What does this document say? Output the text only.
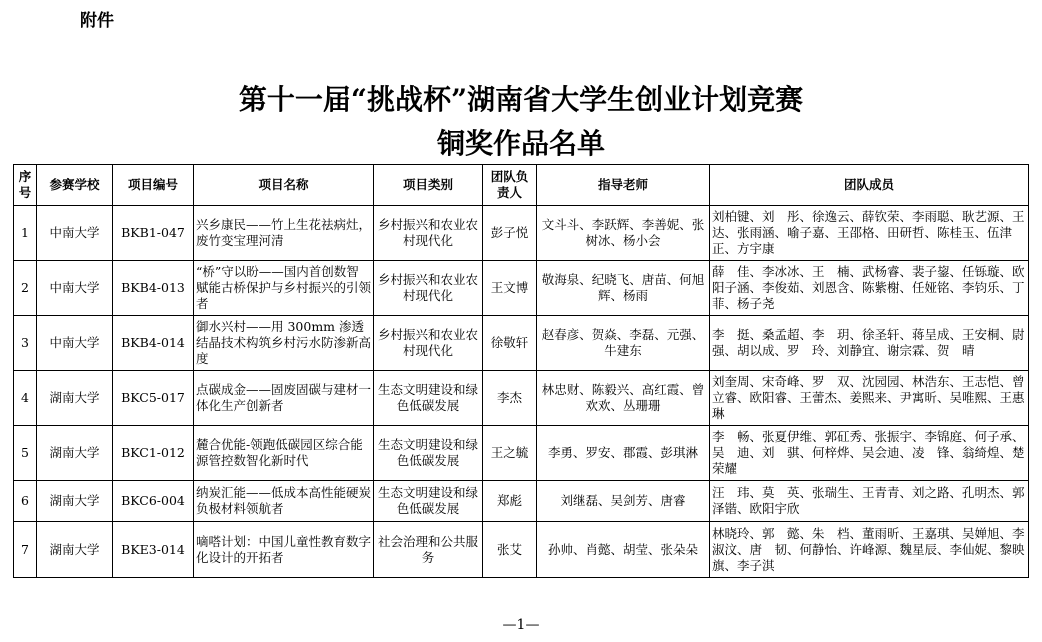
附件
第十一届“挑战杯”湖南省大学生创业计划竞赛
铜奖作品名单
序号	参赛学校	项目编号	项目名称	项目类别	团队负责人	指导老师	团队成员
1	中南大学	BKB1-047	兴乡康民——竹上生花祛病灶，废竹变宝理河清	乡村振兴和农业农村现代化	彭子悦	文斗斗、李跃辉、李善妮、张树冰、杨小会	刘柏键、刘　彤、徐逸云、薛钦荣、李雨聪、耿艺源、王　达、张雨涵、喻子嘉、王邵格、田研哲、陈桂玉、伍津正、方宇康
2	中南大学	BKB4-013	“桥”守以盼——国内首创数智赋能古桥保护与乡村振兴的引领者	乡村振兴和农业农村现代化	王文博	敬海泉、纪晓飞、唐苗、何旭辉、杨雨	薛　佳、李冰冰、王　楠、武杨睿、裴子鋆、任铄璇、欧阳子涵、李俊茹、刘恩含、陈紫榭、任娅铭、李钧乐、丁　菲、杨子尧
3	中南大学	BKB4-014	御水兴村——用 300mm 渗透结晶技术构筑乡村污水防渗新高度	乡村振兴和农业农村现代化	徐敬轩	赵春彦、贺焱、李磊、元强、牛建东	李　挺、桑孟超、李　玥、徐圣轩、蒋呈成、王安桐、尉　强、胡以成、罗　玲、刘静宜、谢宗霖、贺　晴
4	湖南大学	BKC5-017	点碳成金——固废固碳与建材一体化生产创新者	生态文明建设和绿色低碳发展	李杰	林忠财、陈毅兴、高红霞、曾欢欢、丛珊珊	刘奎周、宋奇峰、罗　双、沈园园、林浩东、王志恺、曾立睿、欧阳睿、王蕾杰、姜熙来、尹寓昕、吴唯熙、王惠琳
5	湖南大学	BKC1-012	麓合优能-领跑低碳园区综合能源管控数智化新时代	生态文明建设和绿色低碳发展	王之毓	李勇、罗安、郡霞、彭琪淋	李　畅、张夏伊维、郭矼秀、张振宇、李锦庭、何子承、吴　迪、刘　骐、何梓烨、吴会迪、凌　锋、翁绮煌、楚荣耀
6	湖南大学	BKC6-004	纳炭汇能——低成本高性能硬炭负极材料领航者	生态文明建设和绿色低碳发展	郑彪	刘继磊、吴剑芳、唐睿	汪　玮、莫　英、张瑞生、王青青、刘之路、孔明杰、郭泽锴、欧阳宇欣
7	湖南大学	BKE3-014	嘀嗒计划：中国儿童性教育数字化设计的开拓者	社会治理和公共服务	张艾	孙帅、肖懿、胡莹、张朵朵	林晓玲、郭　懿、朱　档、董雨昕、王嘉琪、吴婵旭、李淑汶、唐　韧、何静怡、许峰源、魏星辰、李仙妮、黎映旗、李子淇
—1—
